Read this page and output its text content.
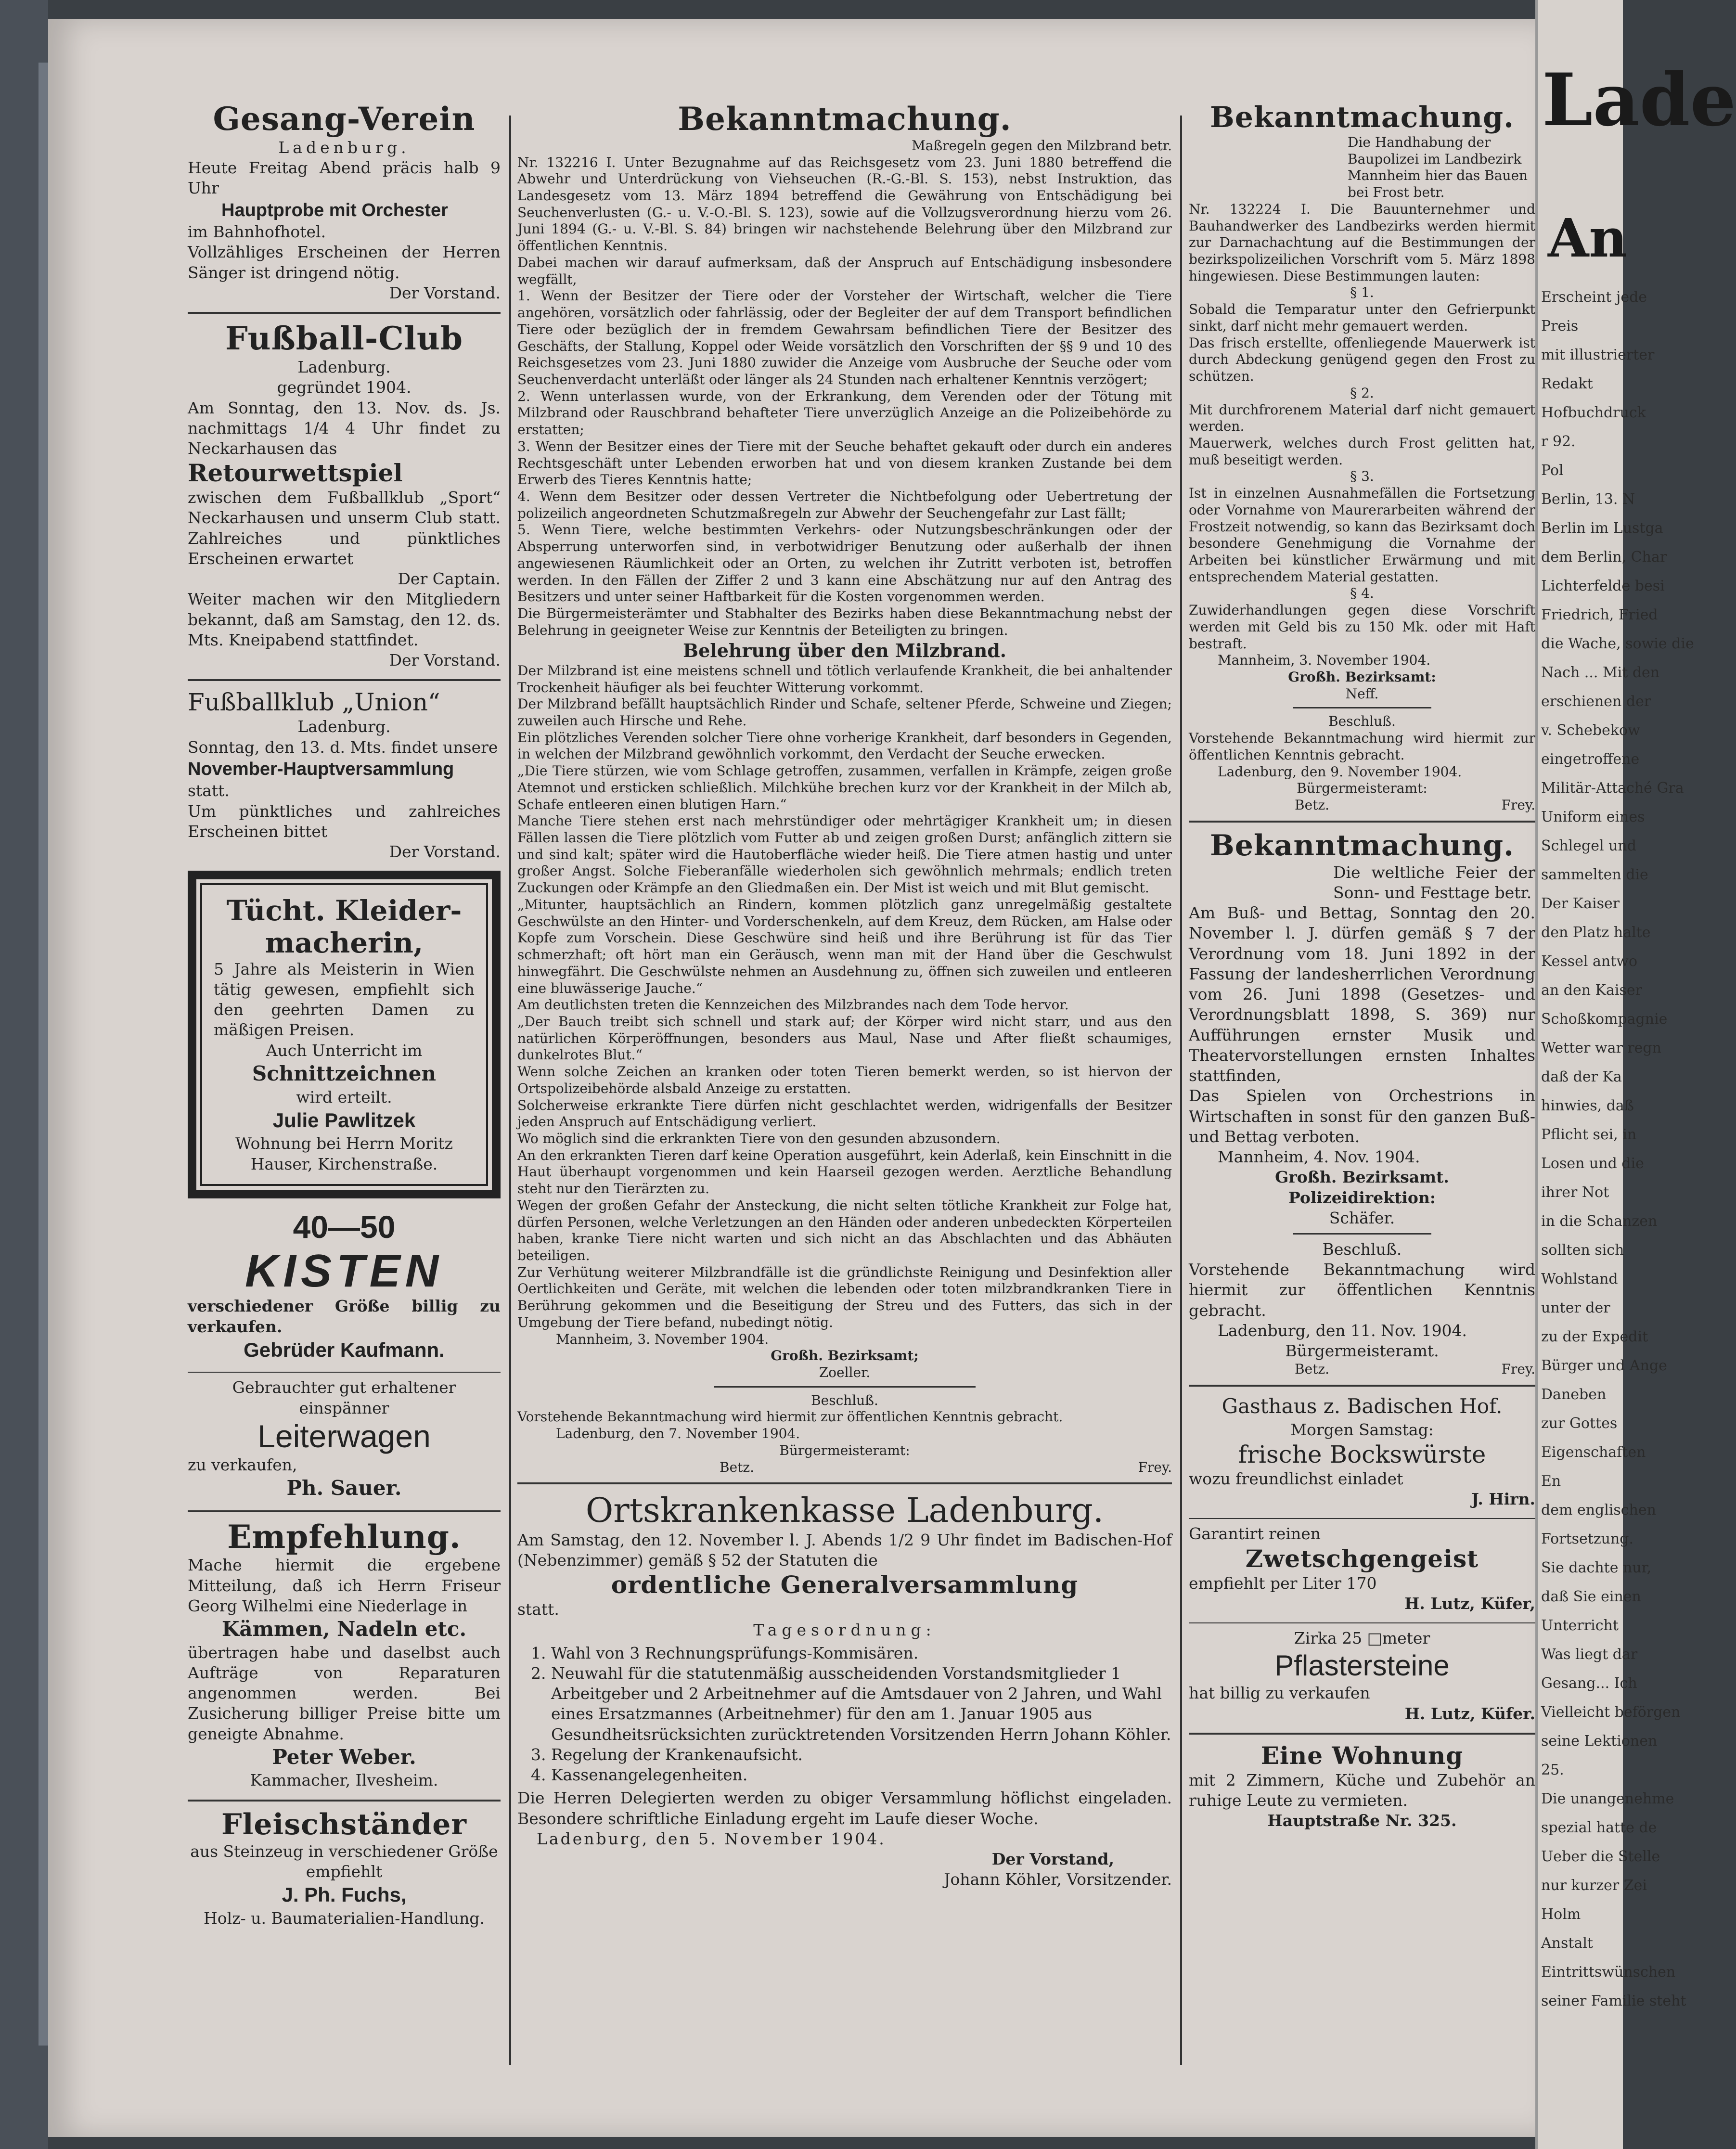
Gesang-Verein
Ladenburg.
Heute Freitag Abend präcis halb 9 Uhr
Hauptprobe mit Orchester
im Bahnhofhotel.
Vollzähliges Erscheinen der Herren Sänger ist dringend nötig.
Der Vorstand.
Fußball-Club
Ladenburg.
gegründet 1904.
Am Sonntag, den 13. Nov. ds. Js. nachmittags 1/4 4 Uhr findet zu Neckarhausen das
Retourwettspiel
zwischen dem Fußballklub „Sport“ Neckarhausen und unserm Club statt. Zahlreiches und pünktliches Erscheinen erwartet
Der Captain.
Weiter machen wir den Mitgliedern bekannt, daß am Samstag, den 12. ds. Mts. Kneipabend stattfindet.
Der Vorstand.
Fußballklub „Union“
Ladenburg.
Sonntag, den 13. d. Mts. findet unsere
November-Hauptversammlung
statt.
Um pünktliches und zahlreiches Erscheinen bittet
Der Vorstand.
Tücht. Kleider-
macherin,
5 Jahre als Meisterin in Wien tätig gewesen, empfiehlt sich den geehrten Damen zu mäßigen Preisen.
Auch Unterricht im
Schnittzeichnen
wird erteilt.
Julie Pawlitzek
Wohnung bei Herrn Moritz Hauser, Kirchenstraße.
40—50
KISTEN
verschiedener Größe billig zu verkaufen.
Gebrüder Kaufmann.
Gebrauchter gut erhaltener einspänner
Leiterwagen
zu verkaufen,
Ph. Sauer.
Empfehlung.
Mache hiermit die ergebene Mitteilung, daß ich Herrn Friseur Georg Wilhelmi eine Niederlage in
Kämmen, Nadeln etc.
übertragen habe und daselbst auch Aufträge von Reparaturen angenommen werden. Bei Zusicherung billiger Preise bitte um geneigte Abnahme.
Peter Weber.
Kammacher, Ilvesheim.
Fleischständer
aus Steinzeug in verschiedener Größe empfiehlt
J. Ph. Fuchs,
Holz- u. Baumaterialien-Handlung.
Bekanntmachung.
Maßregeln gegen den Milzbrand betr.
Nr. 132216 I. Unter Bezugnahme auf das Reichsgesetz vom 23. Juni 1880 betreffend die Abwehr und Unterdrückung von Viehseuchen (R.-G.-Bl. S. 153), nebst Instruktion, das Landesgesetz vom 13. März 1894 betreffend die Gewährung von Entschädigung bei Seuchenverlusten (G.- u. V.-O.-Bl. S. 123), sowie auf die Vollzugsverordnung hierzu vom 26. Juni 1894 (G.- u. V.-Bl. S. 84) bringen wir nachstehende Belehrung über den Milzbrand zur öffentlichen Kenntnis.
Dabei machen wir darauf aufmerksam, daß der Anspruch auf Entschädigung insbesondere wegfällt,
1. Wenn der Besitzer der Tiere oder der Vorsteher der Wirtschaft, welcher die Tiere angehören, vorsätzlich oder fahrlässig, oder der Begleiter der auf dem Transport befindlichen Tiere oder bezüglich der in fremdem Gewahrsam befindlichen Tiere der Besitzer des Geschäfts, der Stallung, Koppel oder Weide vorsätzlich den Vorschriften der §§ 9 und 10 des Reichsgesetzes vom 23. Juni 1880 zuwider die Anzeige vom Ausbruche der Seuche oder vom Seuchenverdacht unterläßt oder länger als 24 Stunden nach erhaltener Kenntnis verzögert;
2. Wenn unterlassen wurde, von der Erkrankung, dem Verenden oder der Tötung mit Milzbrand oder Rauschbrand behafteter Tiere unverzüglich Anzeige an die Polizeibehörde zu erstatten;
3. Wenn der Besitzer eines der Tiere mit der Seuche behaftet gekauft oder durch ein anderes Rechtsgeschäft unter Lebenden erworben hat und von diesem kranken Zustande bei dem Erwerb des Tieres Kenntnis hatte;
4. Wenn dem Besitzer oder dessen Vertreter die Nichtbefolgung oder Uebertretung der polizeilich angeordneten Schutzmaßregeln zur Abwehr der Seuchengefahr zur Last fällt;
5. Wenn Tiere, welche bestimmten Verkehrs- oder Nutzungsbeschränkungen oder der Absperrung unterworfen sind, in verbotwidriger Benutzung oder außerhalb der ihnen angewiesenen Räumlichkeit oder an Orten, zu welchen ihr Zutritt verboten ist, betroffen werden. In den Fällen der Ziffer 2 und 3 kann eine Abschätzung nur auf den Antrag des Besitzers und unter seiner Haftbarkeit für die Kosten vorgenommen werden.
Die Bürgermeisterämter und Stabhalter des Bezirks haben diese Bekanntmachung nebst der Belehrung in geeigneter Weise zur Kenntnis der Beteiligten zu bringen.
Belehrung über den Milzbrand.
Der Milzbrand ist eine meistens schnell und tötlich verlaufende Krankheit, die bei anhaltender Trockenheit häufiger als bei feuchter Witterung vorkommt.
Der Milzbrand befällt hauptsächlich Rinder und Schafe, seltener Pferde, Schweine und Ziegen; zuweilen auch Hirsche und Rehe.
Ein plötzliches Verenden solcher Tiere ohne vorherige Krankheit, darf besonders in Gegenden, in welchen der Milzbrand gewöhnlich vorkommt, den Verdacht der Seuche erwecken.
„Die Tiere stürzen, wie vom Schlage getroffen, zusammen, verfallen in Krämpfe, zeigen große Atemnot und ersticken schließlich. Milchkühe brechen kurz vor der Krankheit in der Milch ab, Schafe entleeren einen blutigen Harn.“
Manche Tiere stehen erst nach mehrstündiger oder mehrtägiger Krankheit um; in diesen Fällen lassen die Tiere plötzlich vom Futter ab und zeigen großen Durst; anfänglich zittern sie und sind kalt; später wird die Hautoberfläche wieder heiß. Die Tiere atmen hastig und unter großer Angst. Solche Fieberanfälle wiederholen sich gewöhnlich mehrmals; endlich treten Zuckungen oder Krämpfe an den Gliedmaßen ein. Der Mist ist weich und mit Blut gemischt.
„Mitunter, hauptsächlich an Rindern, kommen plötzlich ganz unregelmäßig gestaltete Geschwülste an den Hinter- und Vorderschenkeln, auf dem Kreuz, dem Rücken, am Halse oder Kopfe zum Vorschein. Diese Geschwüre sind heiß und ihre Berührung ist für das Tier schmerzhaft; oft hört man ein Geräusch, wenn man mit der Hand über die Geschwulst hinwegfährt. Die Geschwülste nehmen an Ausdehnung zu, öffnen sich zuweilen und entleeren eine bluwässerige Jauche.“
Am deutlichsten treten die Kennzeichen des Milzbrandes nach dem Tode hervor.
„Der Bauch treibt sich schnell und stark auf; der Körper wird nicht starr, und aus den natürlichen Körperöffnungen, besonders aus Maul, Nase und After fließt schaumiges, dunkelrotes Blut.“
Wenn solche Zeichen an kranken oder toten Tieren bemerkt werden, so ist hiervon der Ortspolizeibehörde alsbald Anzeige zu erstatten.
Solcherweise erkrankte Tiere dürfen nicht geschlachtet werden, widrigenfalls der Besitzer jeden Anspruch auf Entschädigung verliert.
Wo möglich sind die erkrankten Tiere von den gesunden abzusondern.
An den erkrankten Tieren darf keine Operation ausgeführt, kein Aderlaß, kein Einschnitt in die Haut überhaupt vorgenommen und kein Haarseil gezogen werden. Aerztliche Behandlung steht nur den Tierärzten zu.
Wegen der großen Gefahr der Ansteckung, die nicht selten tötliche Krankheit zur Folge hat, dürfen Personen, welche Verletzungen an den Händen oder anderen unbedeckten Körperteilen haben, kranke Tiere nicht warten und sich nicht an das Abschlachten und das Abhäuten beteiligen.
Zur Verhütung weiterer Milzbrandfälle ist die gründlichste Reinigung und Desinfektion aller Oertlichkeiten und Geräte, mit welchen die lebenden oder toten milzbrandkranken Tiere in Berührung gekommen und die Beseitigung der Streu und des Futters, das sich in der Umgebung der Tiere befand, nubedingt nötig.
Mannheim, 3. November 1904.
Großh. Bezirksamt;
Zoeller.
Beschluß.
Vorstehende Bekanntmachung wird hiermit zur öffentlichen Kenntnis gebracht.
Ladenburg, den 7. November 1904.
Bürgermeisteramt:
Betz.	Frey.
Ortskrankenkasse Ladenburg.
Am Samstag, den 12. November l. J. Abends 1/2 9 Uhr findet im Badischen-Hof (Nebenzimmer) gemäß § 52 der Statuten die
ordentliche Generalversammlung
statt.
Tagesordnung:
1. Wahl von 3 Rechnungsprüfungs-Kommisären.
2. Neuwahl für die statutenmäßig ausscheidenden Vorstandsmitglieder 1 Arbeitgeber und 2 Arbeitnehmer auf die Amtsdauer von 2 Jahren, und Wahl eines Ersatzmannes (Arbeitnehmer) für den am 1. Januar 1905 aus Gesundheitsrücksichten zurücktretenden Vorsitzenden Herrn Johann Köhler.
3. Regelung der Krankenaufsicht.
4. Kassenangelegenheiten.
Die Herren Delegierten werden zu obiger Versammlung höflichst eingeladen. Besondere schriftliche Einladung ergeht im Laufe dieser Woche.
Ladenburg, den 5. November 1904.
Der Vorstand,
Johann Köhler, Vorsitzender.
Bekanntmachung.
Die Handhabung der Baupolizei im Landbezirk Mannheim hier das Bauen bei Frost betr.
Nr. 132224 I. Die Bauunternehmer und Bauhandwerker des Landbezirks werden hiermit zur Darnachachtung auf die Bestimmungen der bezirkspolizeilichen Vorschrift vom 5. März 1898 hingewiesen. Diese Bestimmungen lauten:
§ 1.
Sobald die Temparatur unter den Gefrierpunkt sinkt, darf nicht mehr gemauert werden.
Das frisch erstellte, offenliegende Mauerwerk ist durch Abdeckung genügend gegen den Frost zu schützen.
§ 2.
Mit durchfrorenem Material darf nicht gemauert werden.
Mauerwerk, welches durch Frost gelitten hat, muß beseitigt werden.
§ 3.
Ist in einzelnen Ausnahmefällen die Fortsetzung oder Vornahme von Maurerarbeiten während der Frostzeit notwendig, so kann das Bezirksamt doch besondere Genehmigung die Vornahme der Arbeiten bei künstlicher Erwärmung und mit entsprechendem Material gestatten.
§ 4.
Zuwiderhandlungen gegen diese Vorschrift werden mit Geld bis zu 150 Mk. oder mit Haft bestraft.
Mannheim, 3. November 1904.
Großh. Bezirksamt:
Neff.
Beschluß.
Vorstehende Bekanntmachung wird hiermit zur öffentlichen Kenntnis gebracht.
Ladenburg, den 9. November 1904.
Bürgermeisteramt:
Betz.	Frey.
Bekanntmachung.
Die weltliche Feier der Sonn- und Festtage betr.
Am Buß- und Bettag, Sonntag den 20. November l. J. dürfen gemäß § 7 der Verordnung vom 18. Juni 1892 in der Fassung der landesherrlichen Verordnung vom 26. Juni 1898 (Gesetzes- und Verordnungsblatt 1898, S. 369) nur Aufführungen ernster Musik und Theatervorstellungen ernsten Inhaltes stattfinden,
Das Spielen von Orchestrions in Wirtschaften in sonst für den ganzen Buß- und Bettag verboten.
Mannheim, 4. Nov. 1904.
Großh. Bezirksamt.
Polizeidirektion:
Schäfer.
Beschluß.
Vorstehende Bekanntmachung wird hiermit zur öffentlichen Kenntnis gebracht.
Ladenburg, den 11. Nov. 1904.
Bürgermeisteramt.
Betz.	Frey.
Gasthaus z. Badischen Hof.
Morgen Samstag:
frische Bockswürste
wozu freundlichst einladet
J. Hirn.
Garantirt reinen
Zwetschgengeist
empfiehlt per Liter 170
H. Lutz, Küfer,
Zirka 25 □meter
Pflastersteine
hat billig zu verkaufen
H. Lutz, Küfer.
Eine Wohnung
mit 2 Zimmern, Küche und Zubehör an ruhige Leute zu vermieten.
Hauptstraße Nr. 325.
Lade
An
Erscheint jede
Preis
mit illustrierter
Redakt
Hofbuchdruck
r 92.
Pol
Berlin, 13. N
Berlin im Lustga
dem Berlin, Char
Lichterfelde besi
Friedrich, Fried
die Wache, sowie die
Nach ... Mit den
erschienen der
v. Schebekow
eingetroffene
Militär-Attaché Gra
Uniform eines
Schlegel und
sammelten die
Der Kaiser
den Platz halte
Kessel antwo
an den Kaiser
Schoßkompagnie
Wetter war regn
daß der Ka
hinwies, daß
Pflicht sei, in
Losen und die
ihrer Not
in die Schanzen
sollten sich
Wohlstand
unter der
zu der Expedit
Bürger und Ange
Daneben
zur Gottes
Eigenschaften
En
dem englischen
Fortsetzung.
Sie dachte nur,
daß Sie einen
Unterricht
Was liegt dar
Gesang... Ich
Vielleicht beförgen
seine Lektionen
25.
Die unangenehme
spezial hatte de
Ueber die Stelle
nur kurzer Zei
Holm
Anstalt
Eintrittswünschen
seiner Familie steht
